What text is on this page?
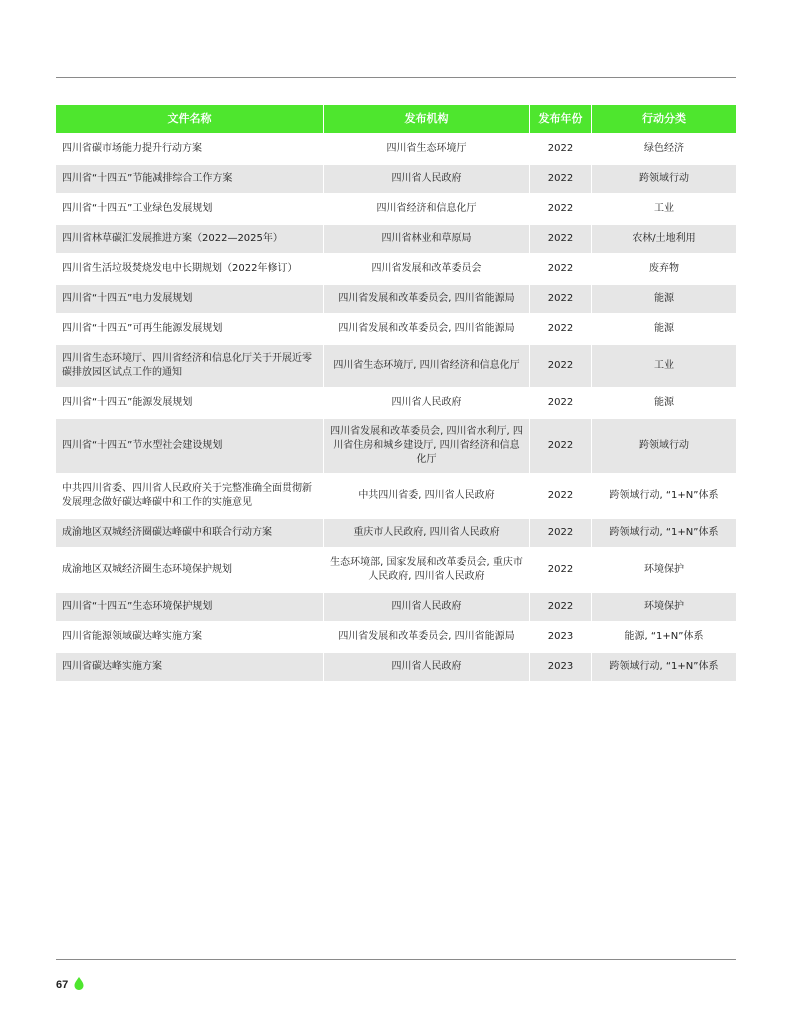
文件名称	发布机构	发布年份	行动分类
四川省碳市场能力提升行动方案	四川省生态环境厅	2022	绿色经济
四川省“十四五”节能减排综合工作方案	四川省人民政府	2022	跨领域行动
四川省“十四五”工业绿色发展规划	四川省经济和信息化厅	2022	工业
四川省林草碳汇发展推进方案（2022—2025年）	四川省林业和草原局	2022	农林/土地利用
四川省生活垃圾焚烧发电中长期规划（2022年修订）	四川省发展和改革委员会	2022	废弃物
四川省“十四五”电力发展规划	四川省发展和改革委员会, 四川省能源局	2022	能源
四川省“十四五”可再生能源发展规划	四川省发展和改革委员会, 四川省能源局	2022	能源
四川省生态环境厅、四川省经济和信息化厅关于开展近零碳排放园区试点工作的通知	四川省生态环境厅, 四川省经济和信息化厅	2022	工业
四川省“十四五”能源发展规划	四川省人民政府	2022	能源
四川省“十四五”节水型社会建设规划	四川省发展和改革委员会, 四川省水利厅, 四川省住房和城乡建设厅, 四川省经济和信息化厅	2022	跨领域行动
中共四川省委、四川省人民政府关于完整准确全面贯彻新发展理念做好碳达峰碳中和工作的实施意见	中共四川省委, 四川省人民政府	2022	跨领域行动, “1+N”体系
成渝地区双城经济圈碳达峰碳中和联合行动方案	重庆市人民政府, 四川省人民政府	2022	跨领域行动, “1+N”体系
成渝地区双城经济圈生态环境保护规划	生态环境部, 国家发展和改革委员会, 重庆市人民政府, 四川省人民政府	2022	环境保护
四川省“十四五”生态环境保护规划	四川省人民政府	2022	环境保护
四川省能源领域碳达峰实施方案	四川省发展和改革委员会, 四川省能源局	2023	能源, “1+N”体系
四川省碳达峰实施方案	四川省人民政府	2023	跨领域行动, “1+N”体系
67
